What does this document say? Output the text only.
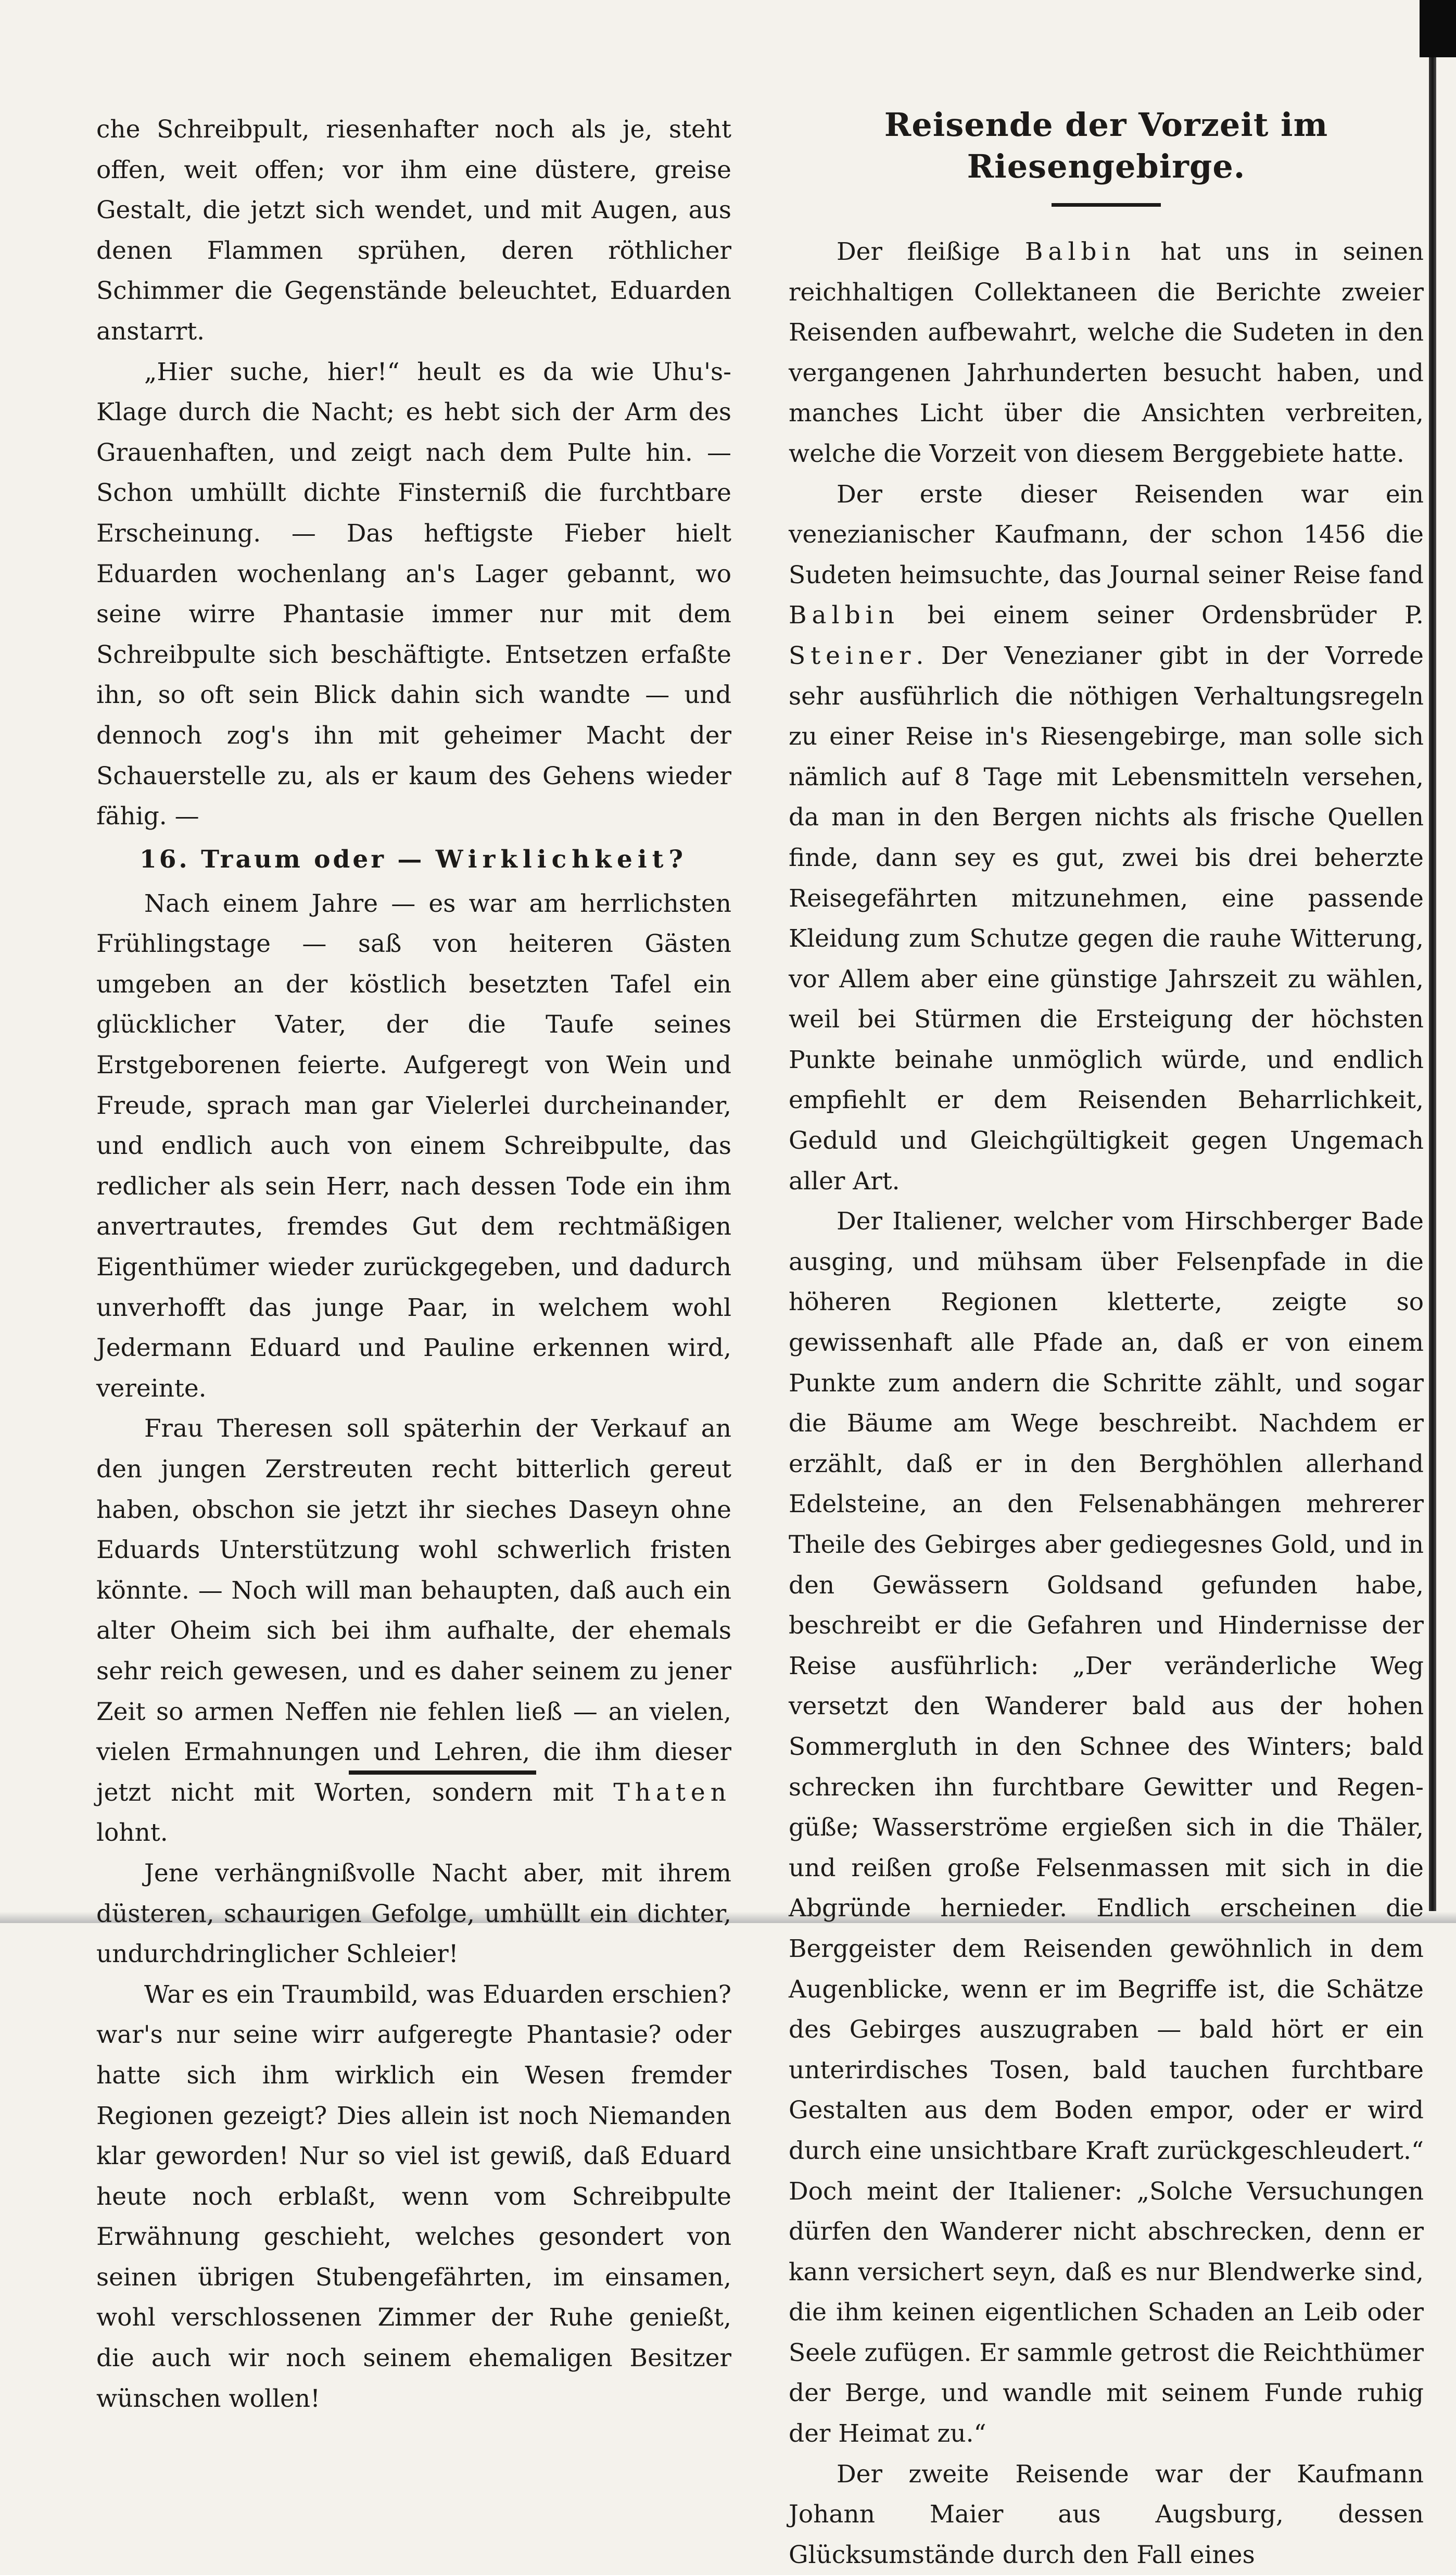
che Schreibpult, riesenhafter noch als je, steht offen, weit offen; vor ihm eine düstere, greise Gestalt, die jetzt sich wendet, und mit Augen, aus denen Flammen sprühen, deren röthlicher Schimmer die Gegenstände beleuchtet, Eduarden anstarrt.

„Hier suche, hier!“ heult es da wie Uhu's-Klage durch die Nacht; es hebt sich der Arm des Grauenhaften, und zeigt nach dem Pulte hin. — Schon umhüllt dichte Finsterniß die furchtbare Erscheinung. — Das heftigste Fieber hielt Eduarden wochenlang an's Lager gebannt, wo seine wirre Phantasie immer nur mit dem Schreibpulte sich beschäftigte. Entsetzen erfaßte ihn, so oft sein Blick dahin sich wandte — und dennoch zog's ihn mit geheimer Macht der Schauerstelle zu, als er kaum des Gehens wieder fähig. —

16. Traum oder — Wirklichkeit?

Nach einem Jahre — es war am herrlichsten Frühlingstage — saß von heiteren Gästen umgeben an der köstlich besetzten Tafel ein glücklicher Vater, der die Taufe seines Erstgeborenen feierte. Aufgeregt von Wein und Freude, sprach man gar Vielerlei durcheinander, und endlich auch von einem Schreibpulte, das redlicher als sein Herr, nach dessen Tode ein ihm anvertrautes, fremdes Gut dem rechtmäßigen Eigenthümer wieder zurückgegeben, und dadurch unverhofft das junge Paar, in welchem wohl Jedermann Eduard und Pauline erkennen wird, vereinte.

Frau Theresen soll späterhin der Verkauf an den jungen Zerstreuten recht bitterlich gereut haben, obschon sie jetzt ihr sieches Daseyn ohne Eduards Unterstützung wohl schwerlich fristen könnte. — Noch will man behaupten, daß auch ein alter Oheim sich bei ihm aufhalte, der ehemals sehr reich gewesen, und es daher seinem zu jener Zeit so armen Neffen nie fehlen ließ — an vielen, vielen Ermahnungen und Lehren, die ihm dieser jetzt nicht mit Worten, sondern mit Thaten lohnt.

Jene verhängnißvolle Nacht aber, mit ihrem düsteren, schaurigen Gefolge, umhüllt ein dichter, undurchdringlicher Schleier!

War es ein Traumbild, was Eduarden erschien? war's nur seine wirr aufgeregte Phantasie? oder hatte sich ihm wirklich ein Wesen fremder Regionen gezeigt? Dies allein ist noch Niemanden klar geworden! Nur so viel ist gewiß, daß Eduard heute noch erblaßt, wenn vom Schreibpulte Erwähnung geschieht, welches gesondert von seinen übrigen Stubengefährten, im einsamen, wohl verschlossenen Zimmer der Ruhe genießt, die auch wir noch seinem ehemaligen Besitzer wünschen wollen!

Reisende der Vorzeit im Riesengebirge.

Der fleißige Balbin hat uns in seinen reichhaltigen Collektaneen die Berichte zweier Reisenden aufbewahrt, welche die Sudeten in den vergangenen Jahrhunderten besucht haben, und manches Licht über die Ansichten verbreiten, welche die Vorzeit von diesem Berggebiete hatte.

Der erste dieser Reisenden war ein venezianischer Kaufmann, der schon 1456 die Sudeten heimsuchte, das Journal seiner Reise fand Balbin bei einem seiner Ordensbrüder P. Steiner. Der Venezianer gibt in der Vorrede sehr ausführlich die nöthigen Verhaltungsregeln zu einer Reise in's Riesengebirge, man solle sich nämlich auf 8 Tage mit Lebensmitteln versehen, da man in den Bergen nichts als frische Quellen finde, dann sey es gut, zwei bis drei beherzte Reisegefährten mitzunehmen, eine passende Kleidung zum Schutze gegen die rauhe Witterung, vor Allem aber eine günstige Jahrszeit zu wählen, weil bei Stürmen die Ersteigung der höchsten Punkte beinahe unmöglich würde, und endlich empfiehlt er dem Reisenden Beharrlichkeit, Geduld und Gleichgültigkeit gegen Ungemach aller Art.

Der Italiener, welcher vom Hirschberger Bade ausging, und mühsam über Felsenpfade in die höheren Regionen kletterte, zeigte so gewissenhaft alle Pfade an, daß er von einem Punkte zum andern die Schritte zählt, und sogar die Bäume am Wege beschreibt. Nachdem er erzählt, daß er in den Berghöhlen allerhand Edelsteine, an den Felsenabhängen mehrerer Theile des Gebirges aber gediegesnes Gold, und in den Gewässern Goldsand gefunden habe, beschreibt er die Gefahren und Hindernisse der Reise ausführlich: „Der veränderliche Weg versetzt den Wanderer bald aus der hohen Sommergluth in den Schnee des Winters; bald schrecken ihn furchtbare Gewitter und Regengüße; Wasserströme ergießen sich in die Thäler, und reißen große Felsenmassen mit sich in die Abgründe hernieder. Endlich erscheinen die Berggeister dem Reisenden gewöhnlich in dem Augenblicke, wenn er im Begriffe ist, die Schätze des Gebirges auszugraben — bald hört er ein unterirdisches Tosen, bald tauchen furchtbare Gestalten aus dem Boden empor, oder er wird durch eine unsichtbare Kraft zurückgeschleudert.“ Doch meint der Italiener: „Solche Versuchungen dürfen den Wanderer nicht abschrecken, denn er kann versichert seyn, daß es nur Blendwerke sind, die ihm keinen eigentlichen Schaden an Leib oder Seele zufügen. Er sammle getrost die Reichthümer der Berge, und wandle mit seinem Funde ruhig der Heimat zu.“

Der zweite Reisende war der Kaufmann Johann Maier aus Augsburg, dessen Glücksumstände durch den Fall eines
